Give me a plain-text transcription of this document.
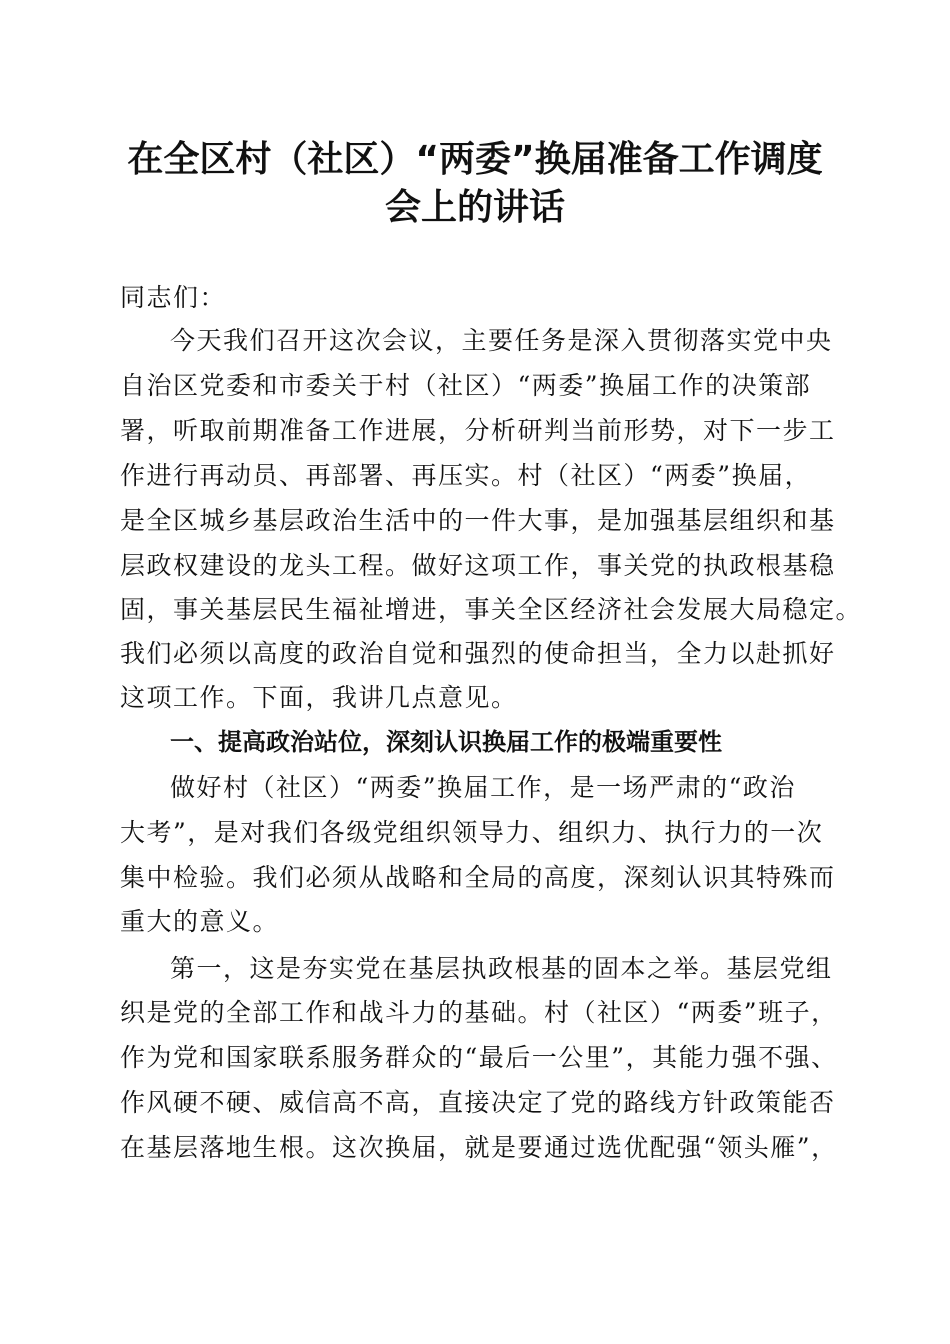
在全区村（社区）“两委”换届准备工作调度
会上的讲话
同志们：
今天我们召开这次会议，主要任务是深入贯彻落实党中央
自治区党委和市委关于村（社区）“两委”换届工作的决策部
署，听取前期准备工作进展，分析研判当前形势，对下一步工
作进行再动员、再部署、再压实。村（社区）“两委”换届，
是全区城乡基层政治生活中的一件大事，是加强基层组织和基
层政权建设的龙头工程。做好这项工作，事关党的执政根基稳
固，事关基层民生福祉增进，事关全区经济社会发展大局稳定。
我们必须以高度的政治自觉和强烈的使命担当，全力以赴抓好
这项工作。下面，我讲几点意见。
一、提高政治站位，深刻认识换届工作的极端重要性
做好村（社区）“两委”换届工作，是一场严肃的“政治
大考”，是对我们各级党组织领导力、组织力、执行力的一次
集中检验。我们必须从战略和全局的高度，深刻认识其特殊而
重大的意义。
第一，这是夯实党在基层执政根基的固本之举。基层党组
织是党的全部工作和战斗力的基础。村（社区）“两委”班子，
作为党和国家联系服务群众的“最后一公里”，其能力强不强、
作风硬不硬、威信高不高，直接决定了党的路线方针政策能否
在基层落地生根。这次换届，就是要通过选优配强“领头雁”，
